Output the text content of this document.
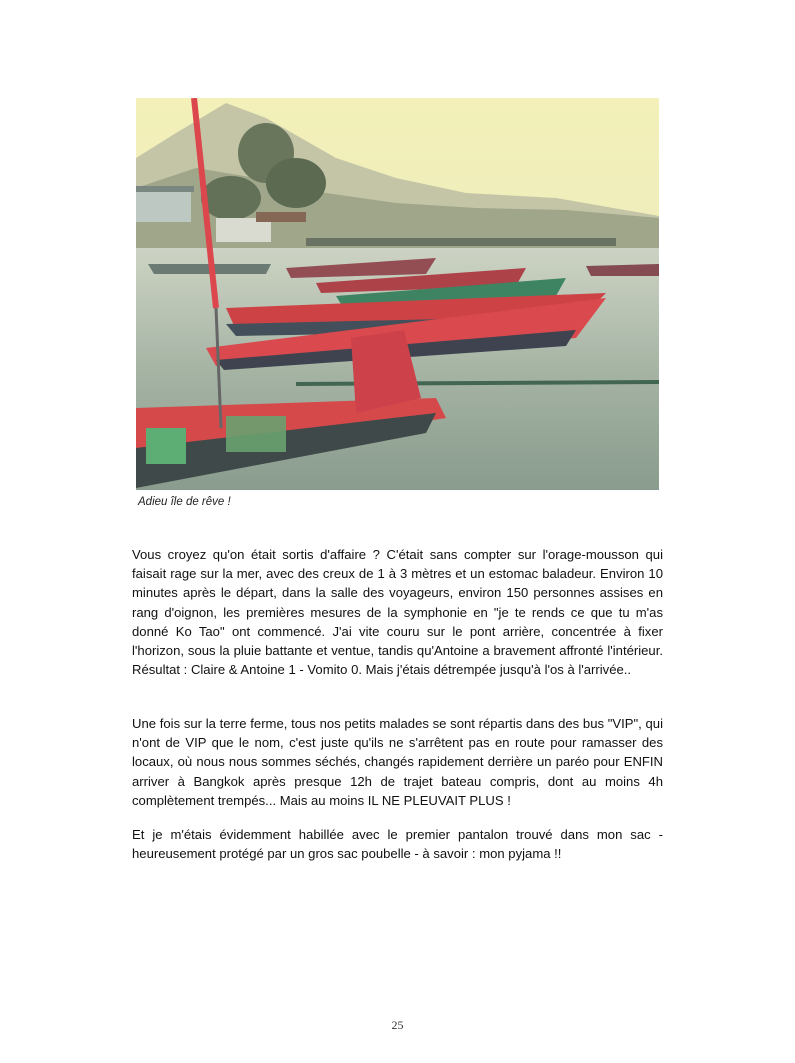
Adieu île de rêve !

Vous croyez qu'on était sortis d'affaire ? C'était sans compter sur l'orage-mousson qui faisait rage sur la mer, avec des creux de 1 à 3 mètres et un estomac baladeur. Environ 10 minutes après le départ, dans la salle des voyageurs, environ 150 personnes assises en rang d'oignon, les premières mesures de la symphonie en "je te rends ce que tu m'as donné Ko Tao" ont commencé. J'ai vite couru sur le pont arrière, concentrée à fixer l'horizon, sous la pluie battante et ventue, tandis qu'Antoine a bravement affronté l'intérieur. Résultat : Claire & Antoine 1 - Vomito 0. Mais j'étais détrempée jusqu'à l'os à l'arrivée..

Une fois sur la terre ferme, tous nos petits malades se sont répartis dans des bus "VIP", qui n'ont de VIP que le nom, c'est juste qu'ils ne s'arrêtent pas en route pour ramasser des locaux, où nous nous sommes séchés, changés rapidement derrière un paréo pour ENFIN arriver à Bangkok après presque 12h de trajet bateau compris, dont au moins 4h complètement trempés... Mais au moins IL NE PLEUVAIT PLUS !

Et je m'étais évidemment habillée avec le premier pantalon trouvé dans mon sac - heureusement protégé par un gros sac poubelle - à savoir : mon pyjama !!

25
